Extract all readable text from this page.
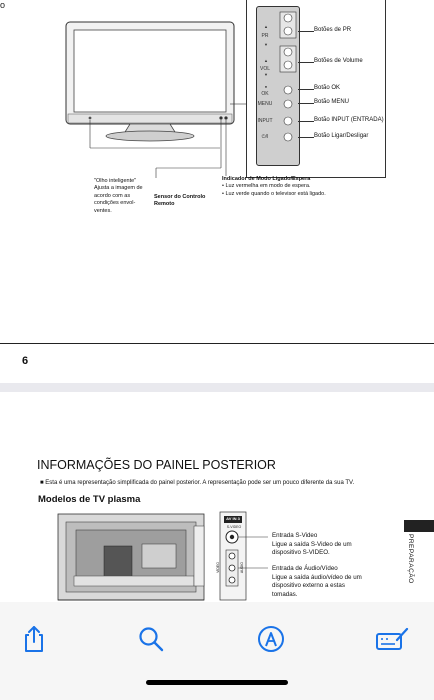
o
▲
▼
▲
▼
●
PR
VOL
OK
MENU
INPUT
⏻/I
Botões de PR
Botões de Volume
Botão OK
Botão MENU
Botão INPUT (ENTRADA)
Botão Ligar/Desligar
"Olho inteligente"
Ajusta a imagem de acordo com as condições envol- ventes.
Sensor do Controlo Remoto
Indicador de Modo Ligado/Espera
• Luz vermelha em modo de espera.
• Luz verde quando o televisor está ligado.
6
INFORMAÇÕES DO PAINEL POSTERIOR
■ Esta é uma representação simplificada do painel posterior. A representação pode ser um pouco diferente da sua TV.
Modelos de TV plasma
AV IN 3
S-VIDEO
VIDEO	AUDIO
Entrada S-Video
Ligue a saída S-Video de um dispositivo S-VIDEO.
Entrada de Áudio/Vídeo
Ligue a saída áudio/vídeo de um dispositivo externo a estas tomadas.
PREPARAÇÃO
